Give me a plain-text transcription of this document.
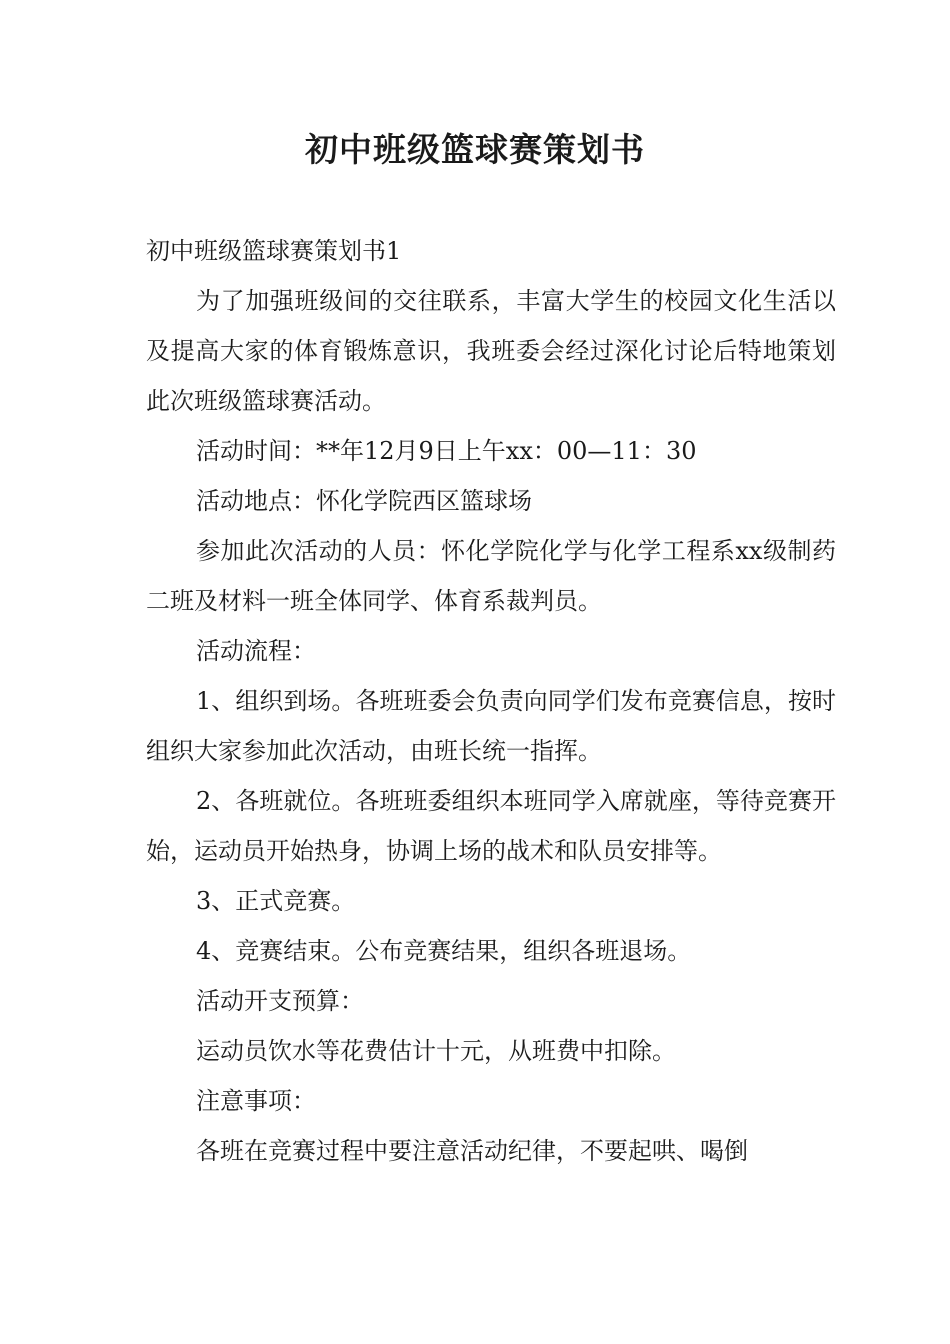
初中班级篮球赛策划书

初中班级篮球赛策划书1

为了加强班级间的交往联系，丰富大学生的校园文化生活以及提高大家的体育锻炼意识，我班委会经过深化讨论后特地策划此次班级篮球赛活动。

活动时间：**年12月9日上午xx：00—11：30

活动地点：怀化学院西区篮球场

参加此次活动的人员：怀化学院化学与化学工程系xx级制药二班及材料一班全体同学、体育系裁判员。

活动流程：

1、组织到场。各班班委会负责向同学们发布竞赛信息，按时组织大家参加此次活动，由班长统一指挥。

2、各班就位。各班班委组织本班同学入席就座，等待竞赛开始，运动员开始热身，协调上场的战术和队员安排等。

3、正式竞赛。

4、竞赛结束。公布竞赛结果，组织各班退场。

活动开支预算：

运动员饮水等花费估计十元，从班费中扣除。

注意事项：

各班在竞赛过程中要注意活动纪律，不要起哄、喝倒
